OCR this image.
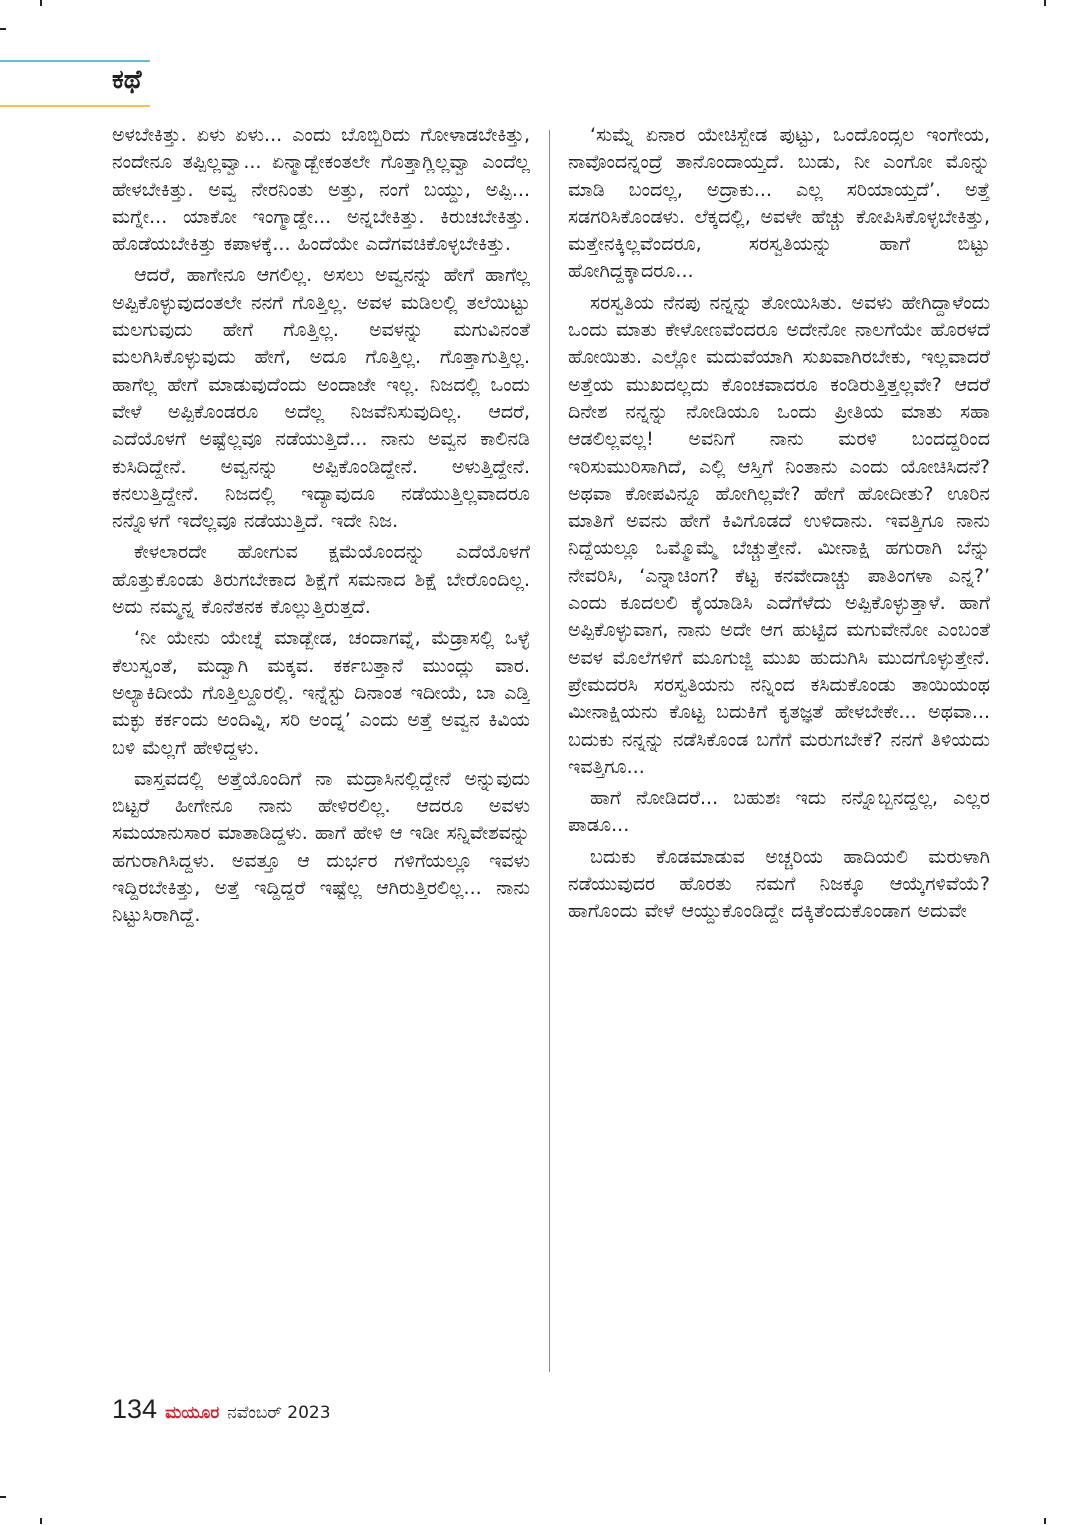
ಕಥೆ

ಅಳಬೇಕಿತ್ತು. ಏಳು ಏಳು... ಎಂದು ಬೊಬ್ಬಿರಿದು ಗೋಳಾಡಬೇಕಿತ್ತು, ನಂದೇನೂ ತಪ್ಪಿಲ್ಲವ್ವಾ... ಏನ್ಮಾಡ್ಬೇಕಂತಲೇ ಗೊತ್ತಾಗ್ಲಿಲ್ಲವ್ವಾ ಎಂದೆಲ್ಲ ಹೇಳಬೇಕಿತ್ತು. ಅವ್ವ ನೇರನಿಂತು ಅತ್ತು, ನಂಗೆ ಬಯ್ದು, ಅಪ್ಪಿ... ಮಗ್ನೇ... ಯಾಕೋ ಇಂಗ್ಮಾಡ್ದೇ... ಅನ್ನಬೇಕಿತ್ತು. ಕಿರುಚಬೇಕಿತ್ತು. ಹೊಡೆಯಬೇಕಿತ್ತು ಕಪಾಳಕ್ಕೆ... ಹಿಂದೆಯೇ ಎದೆಗವಚಿಕೊಳ್ಳಬೇಕಿತ್ತು.

ಆದರೆ, ಹಾಗೇನೂ ಆಗಲಿಲ್ಲ. ಅಸಲು ಅವ್ವನನ್ನು ಹೇಗೆ ಹಾಗೆಲ್ಲ ಅಪ್ಪಿಕೊಳ್ಳುವುದಂತಲೇ ನನಗೆ ಗೊತ್ತಿಲ್ಲ. ಅವಳ ಮಡಿಲಲ್ಲಿ ತಲೆಯಿಟ್ಟು ಮಲಗುವುದು ಹೇಗೆ ಗೊತ್ತಿಲ್ಲ. ಅವಳನ್ನು ಮಗುವಿನಂತೆ ಮಲಗಿಸಿಕೊಳ್ಳುವುದು ಹೇಗೆ, ಅದೂ ಗೊತ್ತಿಲ್ಲ. ಗೊತ್ತಾಗುತ್ತಿಲ್ಲ. ಹಾಗೆಲ್ಲ ಹೇಗೆ ಮಾಡುವುದೆಂದು ಅಂದಾಜೇ ಇಲ್ಲ. ನಿಜದಲ್ಲಿ ಒಂದು ವೇಳೆ ಅಪ್ಪಿಕೊಂಡರೂ ಅದೆಲ್ಲ ನಿಜವೆನಿಸುವುದಿಲ್ಲ. ಆದರೆ, ಎದೆಯೊಳಗೆ ಅಷ್ಟೆಲ್ಲವೂ ನಡೆಯುತ್ತಿದೆ... ನಾನು ಅವ್ವನ ಕಾಲಿನಡಿ ಕುಸಿದಿದ್ದೇನೆ. ಅವ್ವನನ್ನು ಅಪ್ಪಿಕೊಂಡಿದ್ದೇನೆ. ಅಳುತ್ತಿದ್ದೇನೆ. ಕನಲುತ್ತಿದ್ದೇನೆ. ನಿಜದಲ್ಲಿ ಇದ್ಯಾವುದೂ ನಡೆಯುತ್ತಿಲ್ಲವಾದರೂ ನನ್ನೊಳಗೆ ಇದೆಲ್ಲವೂ ನಡೆಯುತ್ತಿದೆ. ಇದೇ ನಿಜ.

ಕೇಳಲಾರದೇ ಹೋಗುವ ಕ್ಷಮೆಯೊಂದನ್ನು ಎದೆಯೊಳಗೆ ಹೊತ್ತುಕೊಂಡು ತಿರುಗಬೇಕಾದ ಶಿಕ್ಷೆಗೆ ಸಮನಾದ ಶಿಕ್ಷೆ ಬೇರೊಂದಿಲ್ಲ. ಅದು ನಮ್ಮನ್ನ ಕೊನೆತನಕ ಕೊಲ್ಲುತ್ತಿರುತ್ತದೆ.

‘ನೀ ಯೇನು ಯೇಚ್ನೆ ಮಾಡ್ಬೇಡ, ಚಂದಾಗವ್ನೆ, ಮೆಡ್ರಾಸಲ್ಲಿ ಒಳ್ಳೆ ಕೆಲುಸ್ವಂತೆ, ಮದ್ವಾಗಿ ಮಕ್ಕವ. ಕರ್ಕಬತ್ತಾನೆ ಮುಂದ್ಲು ವಾರ. ಅಲ್ಯಾಕಿದೀಯೆ ಗೊತ್ತಿಲ್ದೂರಲ್ಲಿ. ಇನ್ನೆಸ್ಟು ದಿನಾಂತ ಇದೀಯೆ, ಬಾ ಎಡ್ತಿ ಮಕ್ಳು ಕರ್ಕಂದು ಅಂದಿವ್ನಿ, ಸರಿ ಅಂದ್ನ’ ಎಂದು ಅತ್ತೆ ಅವ್ವನ ಕಿವಿಯ ಬಳಿ ಮೆಲ್ಲಗೆ ಹೇಳಿದ್ದಳು.

ವಾಸ್ತವದಲ್ಲಿ ಅತ್ತೆಯೊಂದಿಗೆ ನಾ ಮದ್ರಾಸಿನಲ್ಲಿದ್ದೇನೆ ಅನ್ನುವುದು ಬಿಟ್ಟರೆ ಹೀಗೇನೂ ನಾನು ಹೇಳಿರಲಿಲ್ಲ. ಆದರೂ ಅವಳು ಸಮಯಾನುಸಾರ ಮಾತಾಡಿದ್ದಳು. ಹಾಗೆ ಹೇಳಿ ಆ ಇಡೀ ಸನ್ನಿವೇಶವನ್ನು ಹಗುರಾಗಿಸಿದ್ದಳು. ಅವತ್ತೂ ಆ ದುರ್ಭರ ಗಳಿಗೆಯಲ್ಲೂ ಇವಳು ಇದ್ದಿರಬೇಕಿತ್ತು, ಅತ್ತೆ ಇದ್ದಿದ್ದರೆ ಇಷ್ಟೆಲ್ಲ ಆಗಿರುತ್ತಿರಲಿಲ್ಲ... ನಾನು ನಿಟ್ಟುಸಿರಾಗಿದ್ದೆ.

‘ಸುಮ್ನೆ ಏನಾರ ಯೇಚಿಸ್ಬೇಡ ಪುಟ್ಟು, ಒಂದೊಂದ್ಸಲ ಇಂಗೇಯ, ನಾವೊಂದನ್ನಂದ್ರೆ ತಾನೊಂದಾಯ್ತದೆ. ಬುಡು, ನೀ ಎಂಗೋ ಮೊನ್ನು ಮಾಡಿ ಬಂದಲ್ಲ, ಅದ್ರಾಕು... ಎಲ್ಲ ಸರಿಯಾಯ್ತದೆ’. ಅತ್ತೆ ಸಡಗರಿಸಿಕೊಂಡಳು. ಲೆಕ್ಕದಲ್ಲಿ, ಅವಳೇ ಹೆಚ್ಚು ಕೋಪಿಸಿಕೊಳ್ಳಬೇಕಿತ್ತು, ಮತ್ತೇನಕ್ಕಿಲ್ಲವೆಂದರೂ, ಸರಸ್ವತಿಯನ್ನು ಹಾಗೆ ಬಿಟ್ಟು ಹೋಗಿದ್ದಕ್ಕಾದರೂ...

ಸರಸ್ವತಿಯ ನೆನಪು ನನ್ನನ್ನು ತೋಯಿಸಿತು. ಅವಳು ಹೇಗಿದ್ದಾಳೆಂದು ಒಂದು ಮಾತು ಕೇಳೋಣವೆಂದರೂ ಅದೇನೋ ನಾಲಗೆಯೇ ಹೊರಳದೆ ಹೋಯಿತು. ಎಲ್ಲೋ ಮದುವೆಯಾಗಿ ಸುಖವಾಗಿರಬೇಕು, ಇಲ್ಲವಾದರೆ ಅತ್ತೆಯ ಮುಖದಲ್ಲದು ಕೊಂಚವಾದರೂ ಕಂಡಿರುತ್ತಿತ್ತಲ್ಲವೇ? ಆದರೆ ದಿನೇಶ ನನ್ನನ್ನು ನೋಡಿಯೂ ಒಂದು ಪ್ರೀತಿಯ ಮಾತು ಸಹಾ ಆಡಲಿಲ್ಲವಲ್ಲ! ಅವನಿಗೆ ನಾನು ಮರಳಿ ಬಂದದ್ದರಿಂದ ಇರಿಸುಮುರಿಸಾಗಿದೆ, ಎಲ್ಲಿ ಆಸ್ತಿಗೆ ನಿಂತಾನು ಎಂದು ಯೋಚಿಸಿದನೆ? ಅಥವಾ ಕೋಪವಿನ್ನೂ ಹೋಗಿಲ್ಲವೇ? ಹೇಗೆ ಹೋದೀತು? ಊರಿನ ಮಾತಿಗೆ ಅವನು ಹೇಗೆ ಕಿವಿಗೊಡದೆ ಉಳಿದಾನು. ಇವತ್ತಿಗೂ ನಾನು ನಿದ್ದೆಯಲ್ಲೂ ಒಮ್ಮೊಮ್ಮೆ ಬೆಚ್ಚುತ್ತೇನೆ. ಮೀನಾಕ್ಷಿ ಹಗುರಾಗಿ ಬೆನ್ನು ನೇವರಿಸಿ, ‘ಎನ್ನಾಚಿಂಗ? ಕೆಟ್ಟ ಕನವೇದಾಚ್ಚು ಪಾತಿಂಗಳಾ ಎನ್ನ?’ ಎಂದು ಕೂದಲಲಿ ಕೈಯಾಡಿಸಿ ಎದೆಗೆಳೆದು ಅಪ್ಪಿಕೊಳ್ಳುತ್ತಾಳೆ. ಹಾಗೆ ಅಪ್ಪಿಕೊಳ್ಳುವಾಗ, ನಾನು ಅದೇ ಆಗ ಹುಟ್ಟಿದ ಮಗುವೇನೋ ಎಂಬಂತೆ ಅವಳ ಮೊಲೆಗಳಿಗೆ ಮೂಗುಜ್ಜಿ ಮುಖ ಹುದುಗಿಸಿ ಮುದಗೊಳ್ಳುತ್ತೇನೆ. ಪ್ರೇಮದರಸಿ ಸರಸ್ವತಿಯನು ನನ್ನಿಂದ ಕಸಿದುಕೊಂಡು ತಾಯಿಯಂಥ ಮೀನಾಕ್ಷಿಯನು ಕೊಟ್ಟ ಬದುಕಿಗೆ ಕೃತಜ್ಞತೆ ಹೇಳಬೇಕೇ... ಅಥವಾ... ಬದುಕು ನನ್ನನ್ನು ನಡೆಸಿಕೊಂಡ ಬಗೆಗೆ ಮರುಗಬೇಕೆ? ನನಗೆ ತಿಳಿಯದು ಇವತ್ತಿಗೂ...

ಹಾಗೆ ನೋಡಿದರೆ... ಬಹುಶಃ ಇದು ನನ್ನೊಬ್ಬನದ್ದಲ್ಲ, ಎಲ್ಲರ ಪಾಡೂ...

ಬದುಕು ಕೊಡಮಾಡುವ ಅಚ್ಚರಿಯ ಹಾದಿಯಲಿ ಮರುಳಾಗಿ ನಡೆಯುವುದರ ಹೊರತು ನಮಗೆ ನಿಜಕ್ಕೂ ಆಯ್ಕೆಗಳಿವೆಯೆ? ಹಾಗೊಂದು ವೇಳೆ ಆಯ್ದುಕೊಂಡಿದ್ದೇ ದಕ್ಕಿತೆಂದುಕೊಂಡಾಗ ಅದುವೇ

134 ಮಯೂರ ನವೆಂಬರ್ 2023
